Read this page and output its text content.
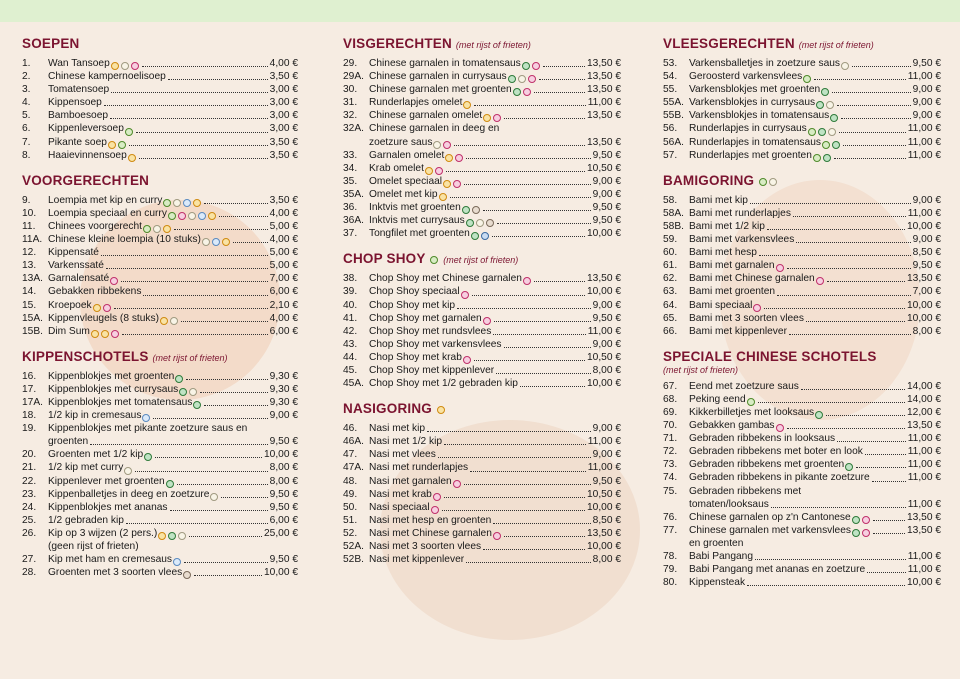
SOEPEN
1.	Wan Tansoep	4,00 €
2.	Chinese kampernoelisoep	3,50 €
3.	Tomatensoep	3,00 €
4.	Kippensoep	3,00 €
5.	Bamboesoep	3,00 €
6.	Kippenleversoep	3,00 €
7.	Pikante soep	3,50 €
8.	Haaievinnensoep	3,50 €
VOORGERECHTEN
9.	Loempia met kip en curry	3,50 €
10.	Loempia speciaal en curry	4,00 €
11.	Chinees voorgerecht	5,00 €
11A. Chinese kleine loempia (10 stuks)	4,00 €
12.	Kippensaté	5,00 €
13.	Varkenssaté	5,00 €
13A. Garnalensaté	7,00 €
14.	Gebakken ribbekens	6,00 €
15.	Kroepoek	2,10 €
15A. Kippenvleugels (8 stuks)	4,00 €
15B. Dim Sum	6,00 €
KIPPENSCHOTELS (met rijst of frieten)
16.	Kippenblokjes met groenten	9,30 €
17.	Kippenblokjes met currysaus	9,30 €
17A. Kippenblokjes met tomatensaus	9,30 €
18.	1/2 kip in cremesaus	9,00 €
19.	Kippenblokjes met pikante zoetzure saus en
groenten	9,50 €
20.	Groenten met 1/2 kip	10,00 €
21.	1/2 kip met curry	8,00 €
22.	Kippenlever met groenten	8,00 €
23.	Kippenballetjes in deeg en zoetzure	9,50 €
24.	Kippenblokjes met ananas	9,50 €
25.	1/2 gebraden kip	6,00 €
26.	Kip op 3 wijzen (2 pers.)	25,00 €
(geen rijst of frieten)
27.	Kip met ham en cremesaus	9,50 €
28.	Groenten met 3 soorten vlees	10,00 €
VISGERECHTEN (met rijst of frieten)
29.	Chinese garnalen in tomatensaus	13,50 €
29A. Chinese garnalen in currysaus	13,50 €
30.	Chinese garnalen met groenten	13,50 €
31.	Runderlapjes omelet	11,00 €
32.	Chinese garnalen omelet	13,50 €
32A. Chinese garnalen in deeg en
zoetzure saus	13,50 €
33.	Garnalen omelet	9,50 €
34.	Krab omelet	10,50 €
35.	Omelet speciaal	9,00 €
35A. Omelet met kip	9,00 €
36.	Inktvis met groenten	9,50 €
36A. Inktvis met currysaus	9,50 €
37.	Tongfilet met groenten	10,00 €
CHOP SHOY (met rijst of frieten)
38.	Chop Shoy met Chinese garnalen	13,50 €
39.	Chop Shoy speciaal	10,00 €
40.	Chop Shoy met kip	9,00 €
41.	Chop Shoy met garnalen	9,50 €
42.	Chop Shoy met rundsvlees	11,00 €
43.	Chop Shoy met varkensvlees	9,00 €
44.	Chop Shoy met krab	10,50 €
45.	Chop Shoy met kippenlever	8,00 €
45A. Chop Shoy met 1/2 gebraden kip	10,00 €
NASIGORING
46.	Nasi met kip	9,00 €
46A. Nasi met 1/2 kip	11,00 €
47.	Nasi met vlees	9,00 €
47A. Nasi met runderlapjes	11,00 €
48.	Nasi met garnalen	9,50 €
49.	Nasi met krab	10,50 €
50.	Nasi speciaal	10,00 €
51.	Nasi met hesp en groenten	8,50 €
52.	Nasi met Chinese garnalen	13,50 €
52A. Nasi met 3 soorten vlees	10,00 €
52B. Nasi met kippenlever	8,00 €
VLEESGERECHTEN (met rijst of frieten)
53.	Varkensballetjes in zoetzure saus	9,50 €
54.	Geroosterd varkensvlees	11,00 €
55.	Varkensblokjes met groenten	9,00 €
55A. Varkensblokjes in currysaus	9,00 €
55B. Varkensblokjes in tomatensaus	9,00 €
56.	Runderlapjes in currysaus	11,00 €
56A. Runderlapjes in tomatensaus	11,00 €
57.	Runderlapjes met groenten	11,00 €
BAMIGORING
58.	Bami met kip	9,00 €
58A. Bami met runderlapjes	11,00 €
58B. Bami met 1/2 kip	10,00 €
59.	Bami met varkensvlees	9,00 €
60.	Bami met hesp	8,50 €
61.	Bami met garnalen	9,50 €
62.	Bami met Chinese garnalen	13,50 €
63.	Bami met groenten	7,00 €
64.	Bami speciaal	10,00 €
65.	Bami met 3 soorten vlees	10,00 €
66.	Bami met kippenlever	8,00 €
SPECIALE CHINESE SCHOTELS
(met rijst of frieten)
67.	Eend met zoetzure saus	14,00 €
68.	Peking eend	14,00 €
69.	Kikkerbilletjes met looksaus	12,00 €
70.	Gebakken gambas	13,50 €
71.	Gebraden ribbekens in looksaus	11,00 €
72.	Gebraden ribbekens met boter en look	11,00 €
73.	Gebraden ribbekens met groenten	11,00 €
74.	Gebraden ribbekens in pikante zoetzure	11,00 €
75.	Gebraden ribbekens met
tomaten/looksaus	11,00 €
76.	Chinese garnalen op z'n Cantonese	13,50 €
77.	Chinese garnalen met varkensvlees	13,50 €
en groenten
78.	Babi Pangang	11,00 €
79.	Babi Pangang met ananas en zoetzure	11,00 €
80.	Kippensteak	10,00 €
